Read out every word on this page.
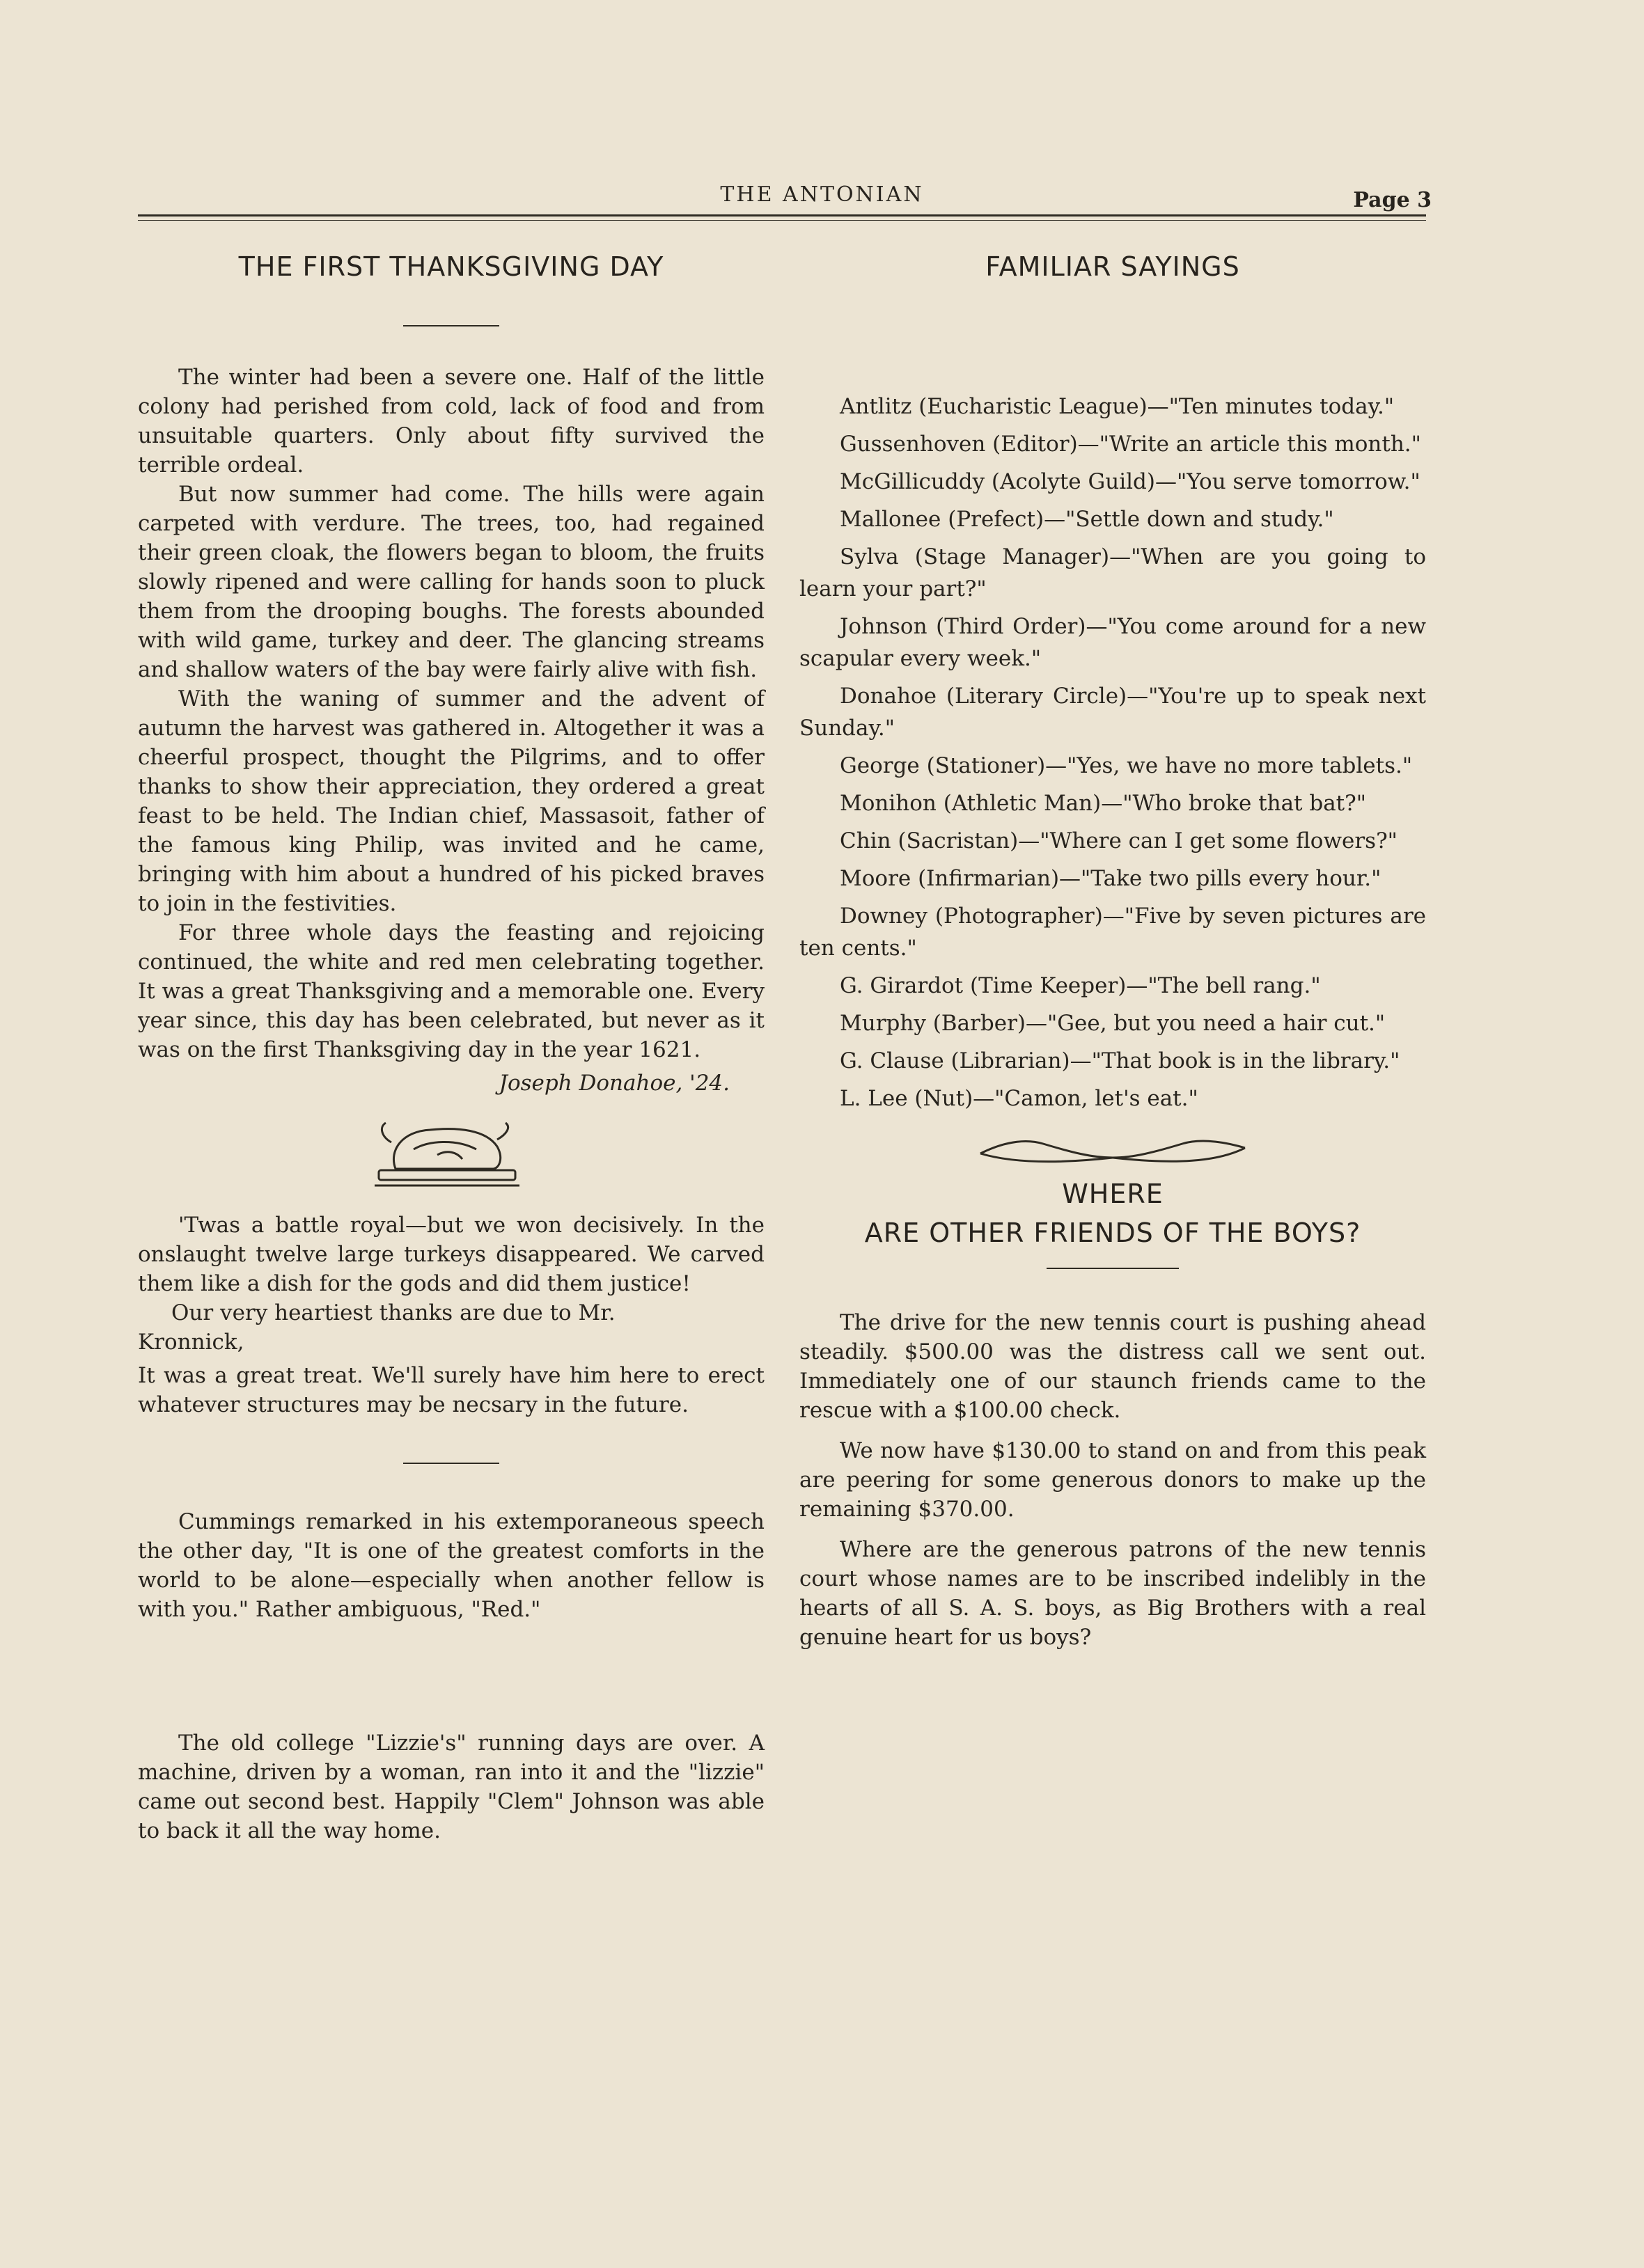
THE ANTONIAN	Page 3
THE FIRST THANKSGIVING DAY

The winter had been a severe one. Half of the little colony had perished from cold, lack of food and from unsuitable quarters. Only about fifty survived the terrible ordeal.

But now summer had come. The hills were again carpeted with verdure. The trees, too, had regained their green cloak, the flowers began to bloom, the fruits slowly ripened and were calling for hands soon to pluck them from the drooping boughs. The forests abounded with wild game, turkey and deer. The glancing streams and shallow waters of the bay were fairly alive with fish.

With the waning of summer and the advent of autumn the harvest was gathered in. Altogether it was a cheerful prospect, thought the Pilgrims, and to offer thanks to show their appreciation, they ordered a great feast to be held. The Indian chief, Massasoit, father of the famous king Philip, was invited and he came, bringing with him about a hundred of his picked braves to join in the festivities.

For three whole days the feasting and rejoicing continued, the white and red men celebrating together. It was a great Thanksgiving and a memorable one. Every year since, this day has been celebrated, but never as it was on the first Thanksgiving day in the year 1621.

Joseph Donahoe, '24.

'Twas a battle royal—but we won decisively. In the onslaught twelve large turkeys disappeared. We carved them like a dish for the gods and did them justice!

Our very heartiest thanks are due to Mr.

Kronnick,

It was a great treat. We'll surely have him here to erect whatever structures may be necsary in the future.

Cummings remarked in his extemporaneous speech the other day, "It is one of the greatest comforts in the world to be alone—especially when another fellow is with you." Rather ambiguous, "Red."

The old college "Lizzie's" running days are over. A machine, driven by a woman, ran into it and the "lizzie" came out second best. Happily "Clem" Johnson was able to back it all the way home.

FAMILIAR SAYINGS

Antlitz (Eucharistic League)—"Ten minutes today."

Gussenhoven (Editor)—"Write an article this month."

McGillicuddy (Acolyte Guild)—"You serve tomorrow."

Mallonee (Prefect)—"Settle down and study."

Sylva (Stage Manager)—"When are you going to learn your part?"

Johnson (Third Order)—"You come around for a new scapular every week."

Donahoe (Literary Circle)—"You're up to speak next Sunday."

George (Stationer)—"Yes, we have no more tablets."

Monihon (Athletic Man)—"Who broke that bat?"

Chin (Sacristan)—"Where can I get some flowers?"

Moore (Infirmarian)—"Take two pills every hour."

Downey (Photographer)—"Five by seven pictures are ten cents."

G. Girardot (Time Keeper)—"The bell rang."

Murphy (Barber)—"Gee, but you need a hair cut."

G. Clause (Librarian)—"That book is in the library."

L. Lee (Nut)—"Camon, let's eat."

WHERE
ARE OTHER FRIENDS OF THE BOYS?

The drive for the new tennis court is pushing ahead steadily. $500.00 was the distress call we sent out. Immediately one of our staunch friends came to the rescue with a $100.00 check.

We now have $130.00 to stand on and from this peak are peering for some generous donors to make up the remaining $370.00.

Where are the generous patrons of the new tennis court whose names are to be inscribed indelibly in the hearts of all S. A. S. boys, as Big Brothers with a real genuine heart for us boys?
